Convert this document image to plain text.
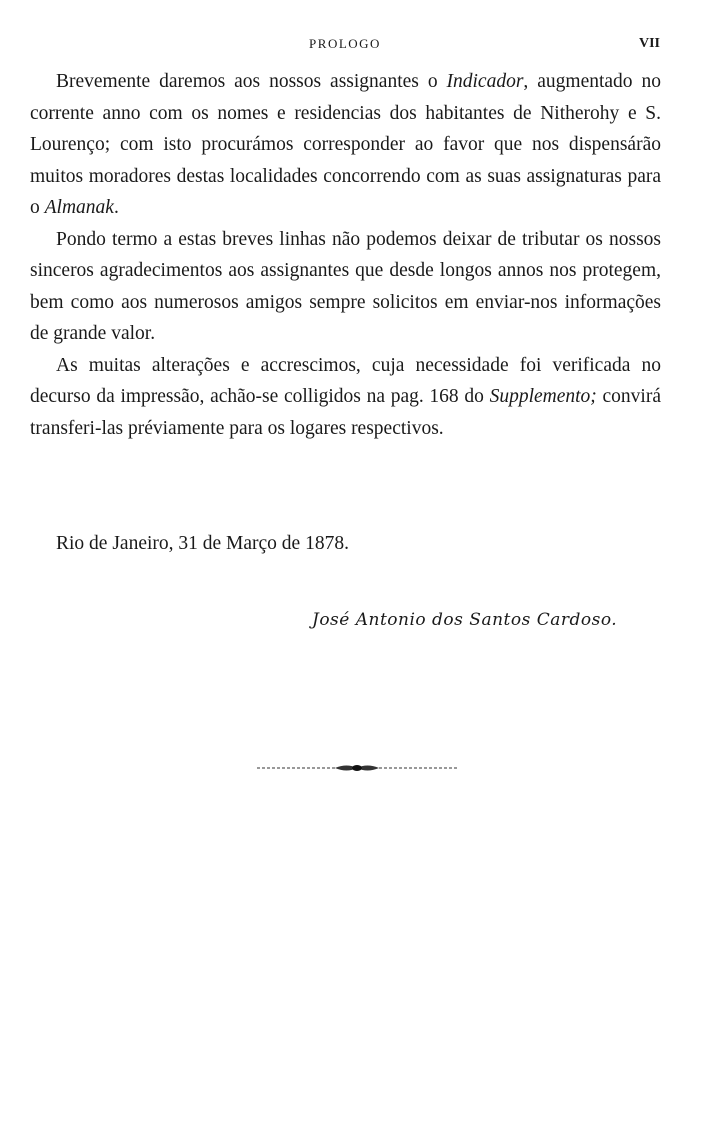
PROLOGO	VII

Brevemente daremos aos nossos assignantes o Indicador, augmentado no corrente anno com os nomes e residencias dos habitantes de Nitherohy e S. Lourenço; com isto procurámos corresponder ao favor que nos dispensárão muitos moradores destas localidades concorrendo com as suas assignaturas para o Almanak.

Pondo termo a estas breves linhas não podemos deixar de tributar os nossos sinceros agradecimentos aos assignantes que desde longos annos nos protegem, bem como aos numerosos amigos sempre solicitos em enviar-nos informações de grande valor.

As muitas alterações e accrescimos, cuja necessidade foi verificada no decurso da impressão, achão-se colligidos na pag. 168 do Supplemento; convirá transferi-las préviamente para os logares respectivos.

Rio de Janeiro, 31 de Março de 1878.
José Antonio dos Santos Cardoso.
